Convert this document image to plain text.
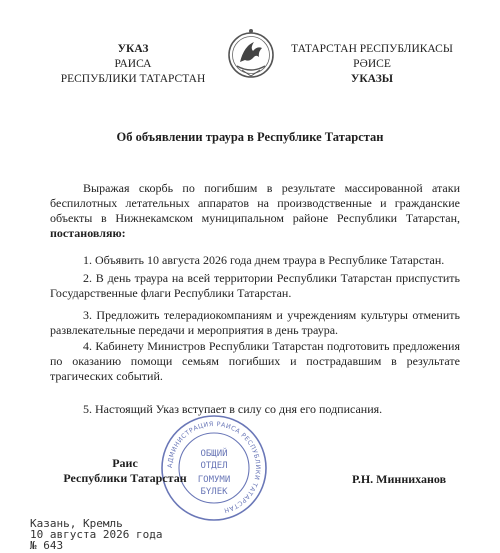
УКАЗ
РАИСА
РЕСПУБЛИКИ ТАТАРСТАН
ТАТАРСТАН РЕСПУБЛИКАСЫ
РӘИСЕ
УКАЗЫ
Об объявлении траура в Республике Татарстан
Выражая скорбь по погибшим в результате массированной атаки беспилотных летательных аппаратов на производственные и гражданские объекты в Нижнекамском муниципальном районе Республики Татарстан, постановляю:
1. Объявить 10 августа 2026 года днем траура в Республике Татарстан.
2. В день траура на всей территории Республики Татарстан приспустить Государственные флаги Республики Татарстан.
3. Предложить телерадиокомпаниям и учреждениям культуры отменить развлекательные передачи и мероприятия в день траура.
4. Кабинету Министров Республики Татарстан подготовить предложения по оказанию помощи семьям погибших и пострадавшим в результате трагических событий.
5. Настоящий Указ вступает в силу со дня его подписания.
АДМИНИСТРАЦИЯ РАИСА РЕСПУБЛИКИ ТАТАРСТАН
ОБЩИЙ
ОТДЕЛ
ГОМУМИ
БҮЛЕК
Раис
Республики Татарстан	Р.Н. Минниханов
Казань, Кремль
10 августа 2026 года
№ 643
